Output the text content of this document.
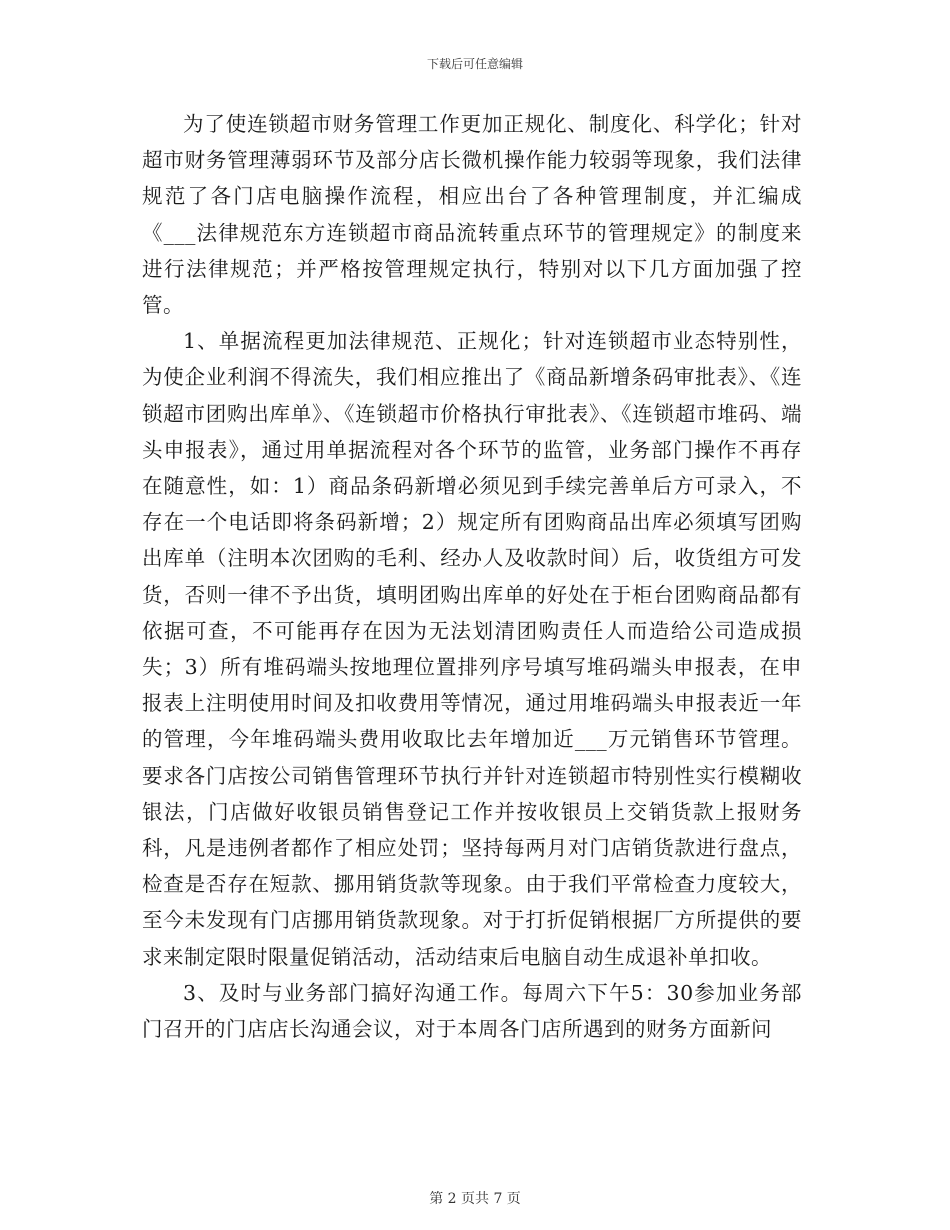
下载后可任意编辑

为了使连锁超市财务管理工作更加正规化、制度化、科学化；针对超市财务管理薄弱环节及部分店长微机操作能力较弱等现象，我们法律规范了各门店电脑操作流程，相应出台了各种管理制度，并汇编成《___法律规范东方连锁超市商品流转重点环节的管理规定》的制度来进行法律规范；并严格按管理规定执行，特别对以下几方面加强了控管。

1、单据流程更加法律规范、正规化；针对连锁超市业态特别性，为使企业利润不得流失，我们相应推出了《商品新增条码审批表》、《连锁超市团购出库单》、《连锁超市价格执行审批表》、《连锁超市堆码、端头申报表》，通过用单据流程对各个环节的监管，业务部门操作不再存在随意性，如：1）商品条码新增必须见到手续完善单后方可录入，不存在一个电话即将条码新增；2）规定所有团购商品出库必须填写团购出库单（注明本次团购的毛利、经办人及收款时间）后，收货组方可发货，否则一律不予出货，填明团购出库单的好处在于柜台团购商品都有依据可查，不可能再存在因为无法划清团购责任人而造给公司造成损失；3）所有堆码端头按地理位置排列序号填写堆码端头申报表，在申报表上注明使用时间及扣收费用等情况，通过用堆码端头申报表近一年的管理，今年堆码端头费用收取比去年增加近___万元销售环节管理。要求各门店按公司销售管理环节执行并针对连锁超市特别性实行模糊收银法，门店做好收银员销售登记工作并按收银员上交销货款上报财务科，凡是违例者都作了相应处罚；坚持每两月对门店销货款进行盘点，检查是否存在短款、挪用销货款等现象。由于我们平常检查力度较大，至今未发现有门店挪用销货款现象。对于打折促销根据厂方所提供的要求来制定限时限量促销活动，活动结束后电脑自动生成退补单扣收。

3、及时与业务部门搞好沟通工作。每周六下午5：30参加业务部门召开的门店店长沟通会议，对于本周各门店所遇到的财务方面新问

第 2 页共 7 页
